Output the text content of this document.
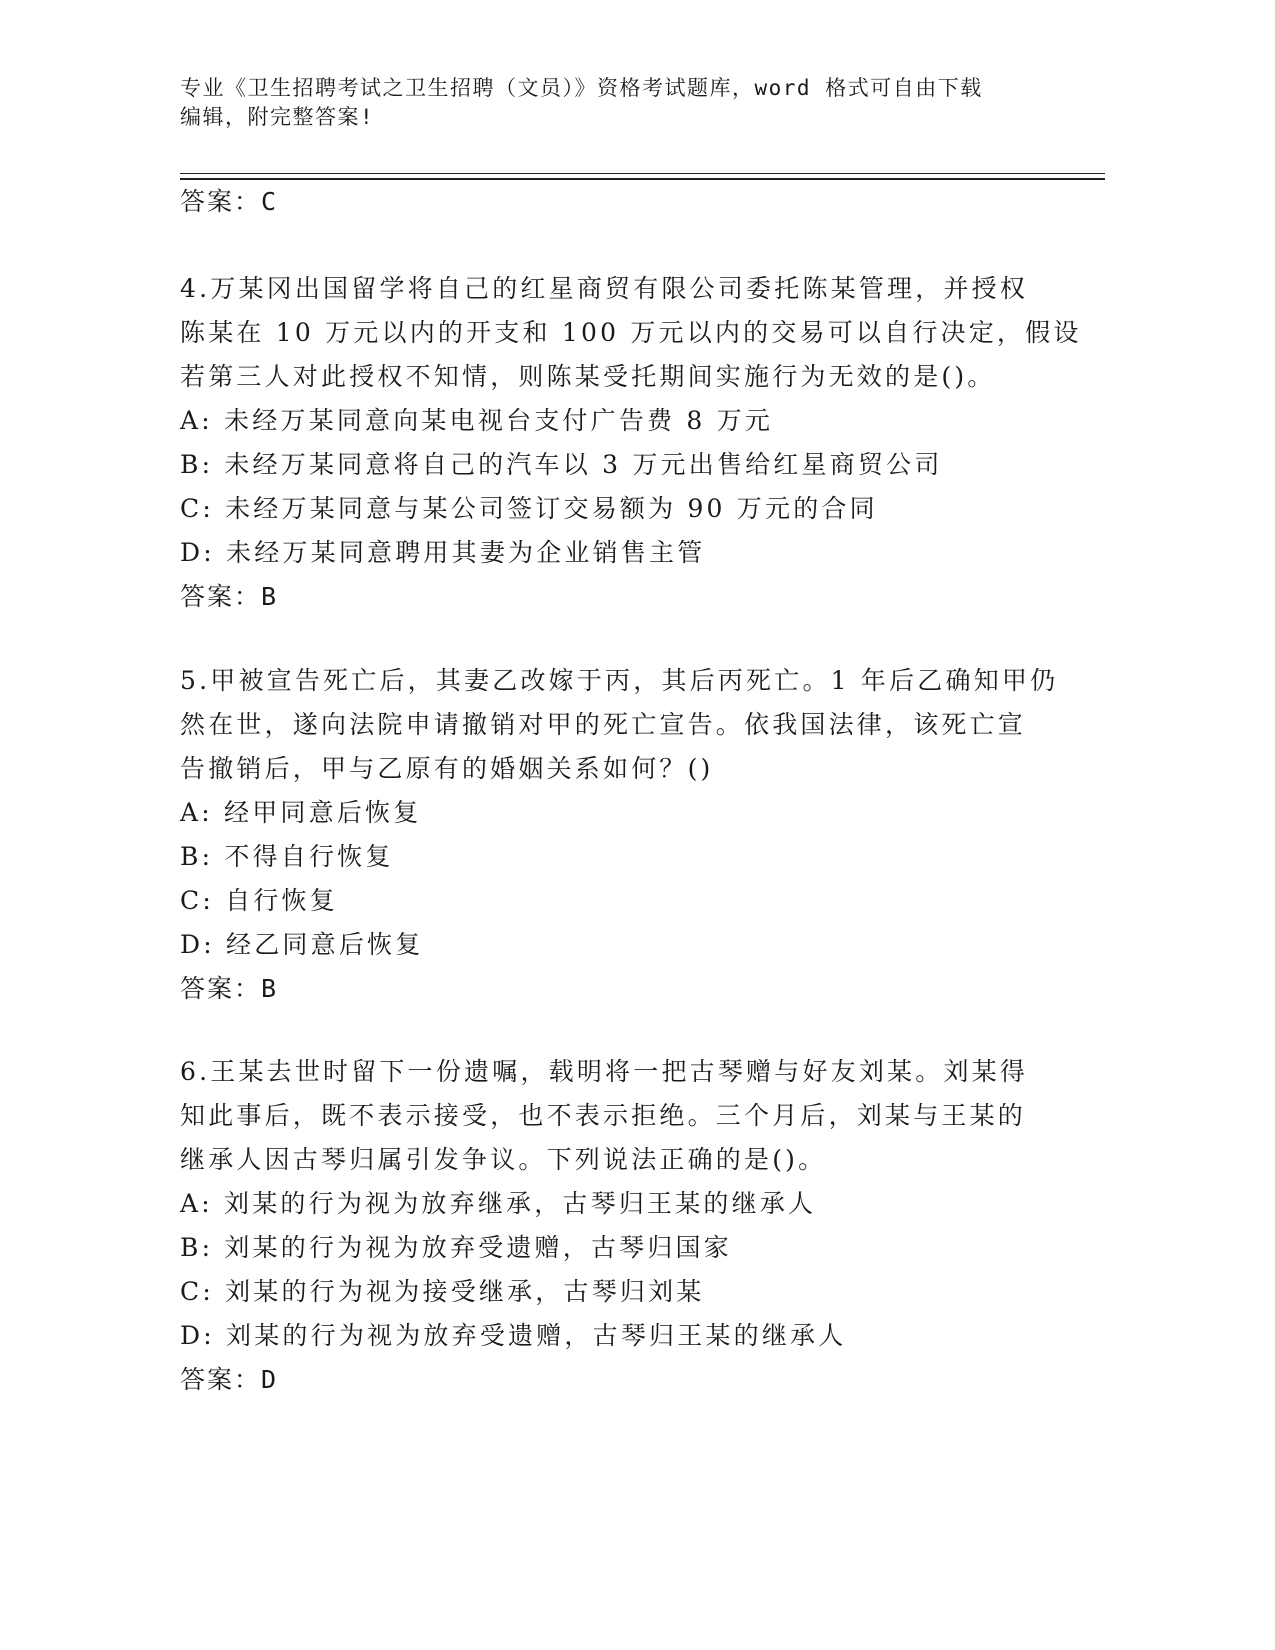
专业《卫生招聘考试之卫生招聘（文员）》资格考试题库，word 格式可自由下载
编辑，附完整答案!
答案：C
4.万某冈出国留学将自己的红星商贸有限公司委托陈某管理，并授权
陈某在 10 万元以内的开支和 100 万元以内的交易可以自行决定，假设
若第三人对此授权不知情，则陈某受托期间实施行为无效的是()。
A: 未经万某同意向某电视台支付广告费 8 万元
B: 未经万某同意将自己的汽车以 3 万元出售给红星商贸公司
C: 未经万某同意与某公司签订交易额为 90 万元的合同
D: 未经万某同意聘用其妻为企业销售主管
答案：B
5.甲被宣告死亡后，其妻乙改嫁于丙，其后丙死亡。1 年后乙确知甲仍
然在世，遂向法院申请撤销对甲的死亡宣告。依我国法律，该死亡宣
告撤销后，甲与乙原有的婚姻关系如何？()
A: 经甲同意后恢复
B: 不得自行恢复
C: 自行恢复
D: 经乙同意后恢复
答案：B
6.王某去世时留下一份遗嘱，载明将一把古琴赠与好友刘某。刘某得
知此事后，既不表示接受，也不表示拒绝。三个月后，刘某与王某的
继承人因古琴归属引发争议。下列说法正确的是()。
A: 刘某的行为视为放弃继承，古琴归王某的继承人
B: 刘某的行为视为放弃受遗赠，古琴归国家
C: 刘某的行为视为接受继承，古琴归刘某
D: 刘某的行为视为放弃受遗赠，古琴归王某的继承人
答案：D
